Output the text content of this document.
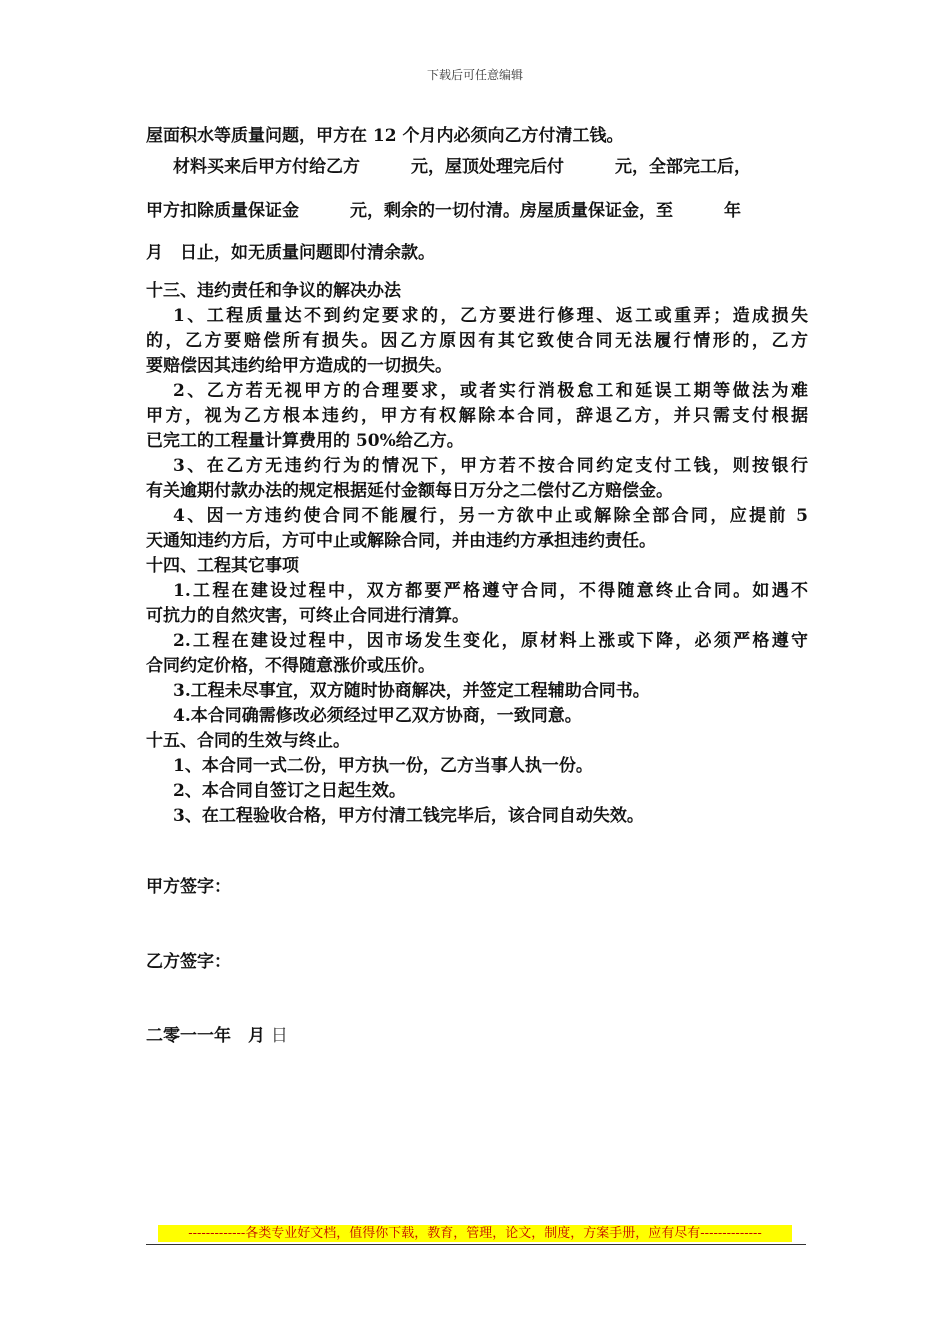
下载后可任意编辑
屋面积水等质量问题，甲方在 12 个月内必须向乙方付清工钱。
材料买来后甲方付给乙方　　　元，屋顶处理完后付　　　元，全部完工后，
甲方扣除质量保证金　　　元，剩余的一切付清。房屋质量保证金，至　　　年
月　日止，如无质量问题即付清余款。
十三、违约责任和争议的解决办法
1、工程质量达不到约定要求的，乙方要进行修理、返工或重弄；造成损失
的，乙方要赔偿所有损失。因乙方原因有其它致使合同无法履行情形的，乙方
要赔偿因其违约给甲方造成的一切损失。
2、乙方若无视甲方的合理要求，或者实行消极怠工和延误工期等做法为难
甲方，视为乙方根本违约，甲方有权解除本合同，辞退乙方，并只需支付根据
已完工的工程量计算费用的 50%给乙方。
3、在乙方无违约行为的情况下，甲方若不按合同约定支付工钱，则按银行
有关逾期付款办法的规定根据延付金额每日万分之二偿付乙方赔偿金。
4、因一方违约使合同不能履行，另一方欲中止或解除全部合同，应提前 5
天通知违约方后，方可中止或解除合同，并由违约方承担违约责任。
十四、工程其它事项
1.工程在建设过程中，双方都要严格遵守合同，不得随意终止合同。如遇不
可抗力的自然灾害，可终止合同进行清算。
2.工程在建设过程中，因市场发生变化，原材料上涨或下降，必须严格遵守
合同约定价格，不得随意涨价或压价。
3.工程未尽事宜，双方随时协商解决，并签定工程辅助合同书。
4.本合同确需修改必须经过甲乙双方协商，一致同意。
十五、合同的生效与终止。
1、本合同一式二份，甲方执一份，乙方当事人执一份。
2、本合同自签订之日起生效。
3、在工程验收合格，甲方付清工钱完毕后，该合同自动失效。
甲方签字：
乙方签字：
二零一一年　月 日
-------------各类专业好文档，值得你下载，教育，管理，论文，制度，方案手册，应有尽有--------------
